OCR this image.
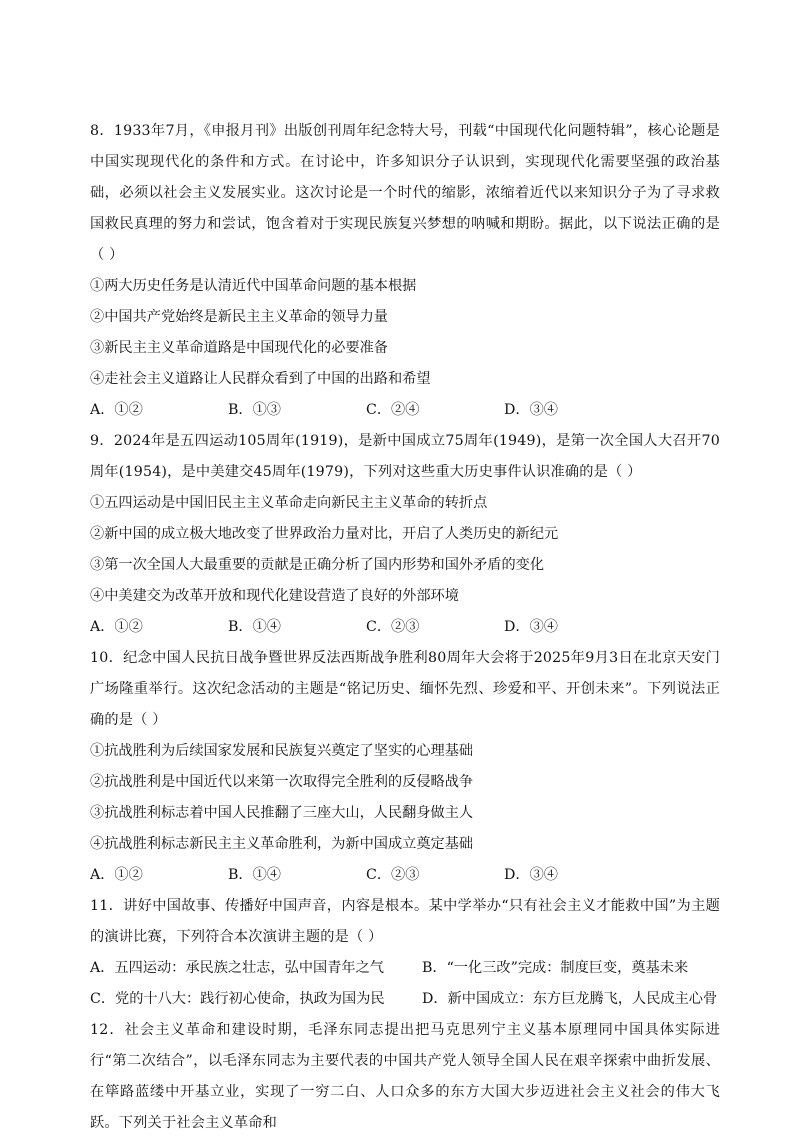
8．1933年7月，《申报月刊》出版创刊周年纪念特大号，刊载“中国现代化问题特辑”，核心论题是中国实现现代化的条件和方式。在讨论中，许多知识分子认识到，实现现代化需要坚强的政治基础，必须以社会主义发展实业。这次讨论是一个时代的缩影，浓缩着近代以来知识分子为了寻求救国救民真理的努力和尝试，饱含着对于实现民族复兴梦想的呐喊和期盼。据此，以下说法正确的是（ ）
①两大历史任务是认清近代中国革命问题的基本根据
②中国共产党始终是新民主主义革命的领导力量
③新民主主义革命道路是中国现代化的必要准备
④走社会主义道路让人民群众看到了中国的出路和希望
A．①②	B．①③	C．②④	D．③④
9．2024年是五四运动105周年(1919)，是新中国成立75周年(1949)，是第一次全国人大召开70周年(1954)，是中美建交45周年(1979)，下列对这些重大历史事件认识准确的是（ ）
①五四运动是中国旧民主主义革命走向新民主主义革命的转折点
②新中国的成立极大地改变了世界政治力量对比，开启了人类历史的新纪元
③第一次全国人大最重要的贡献是正确分析了国内形势和国外矛盾的变化
④中美建交为改革开放和现代化建设营造了良好的外部环境
A．①②	B．①④	C．②③	D．③④
10．纪念中国人民抗日战争暨世界反法西斯战争胜利80周年大会将于2025年9月3日在北京天安门广场隆重举行。这次纪念活动的主题是“铭记历史、缅怀先烈、珍爱和平、开创未来”。下列说法正确的是（ ）
①抗战胜利为后续国家发展和民族复兴奠定了坚实的心理基础
②抗战胜利是中国近代以来第一次取得完全胜利的反侵略战争
③抗战胜利标志着中国人民推翻了三座大山，人民翻身做主人
④抗战胜利标志新民主主义革命胜利，为新中国成立奠定基础
A．①②	B．①④	C．②③	D．③④
11．讲好中国故事、传播好中国声音，内容是根本。某中学举办“只有社会主义才能救中国”为主题的演讲比赛，下列符合本次演讲主题的是（ ）
A．五四运动：承民族之壮志，弘中国青年之气	B．“一化三改”完成：制度巨变，奠基未来
C．党的十八大：践行初心使命，执政为国为民	D．新中国成立：东方巨龙腾飞，人民成主心骨
12．社会主义革命和建设时期，毛泽东同志提出把马克思列宁主义基本原理同中国具体实际进行“第二次结合”，以毛泽东同志为主要代表的中国共产党人领导全国人民在艰辛探索中曲折发展、在筚路蓝缕中开基立业，实现了一穷二白、人口众多的东方大国大步迈进社会主义社会的伟大飞跃。下列关于社会主义革命和
